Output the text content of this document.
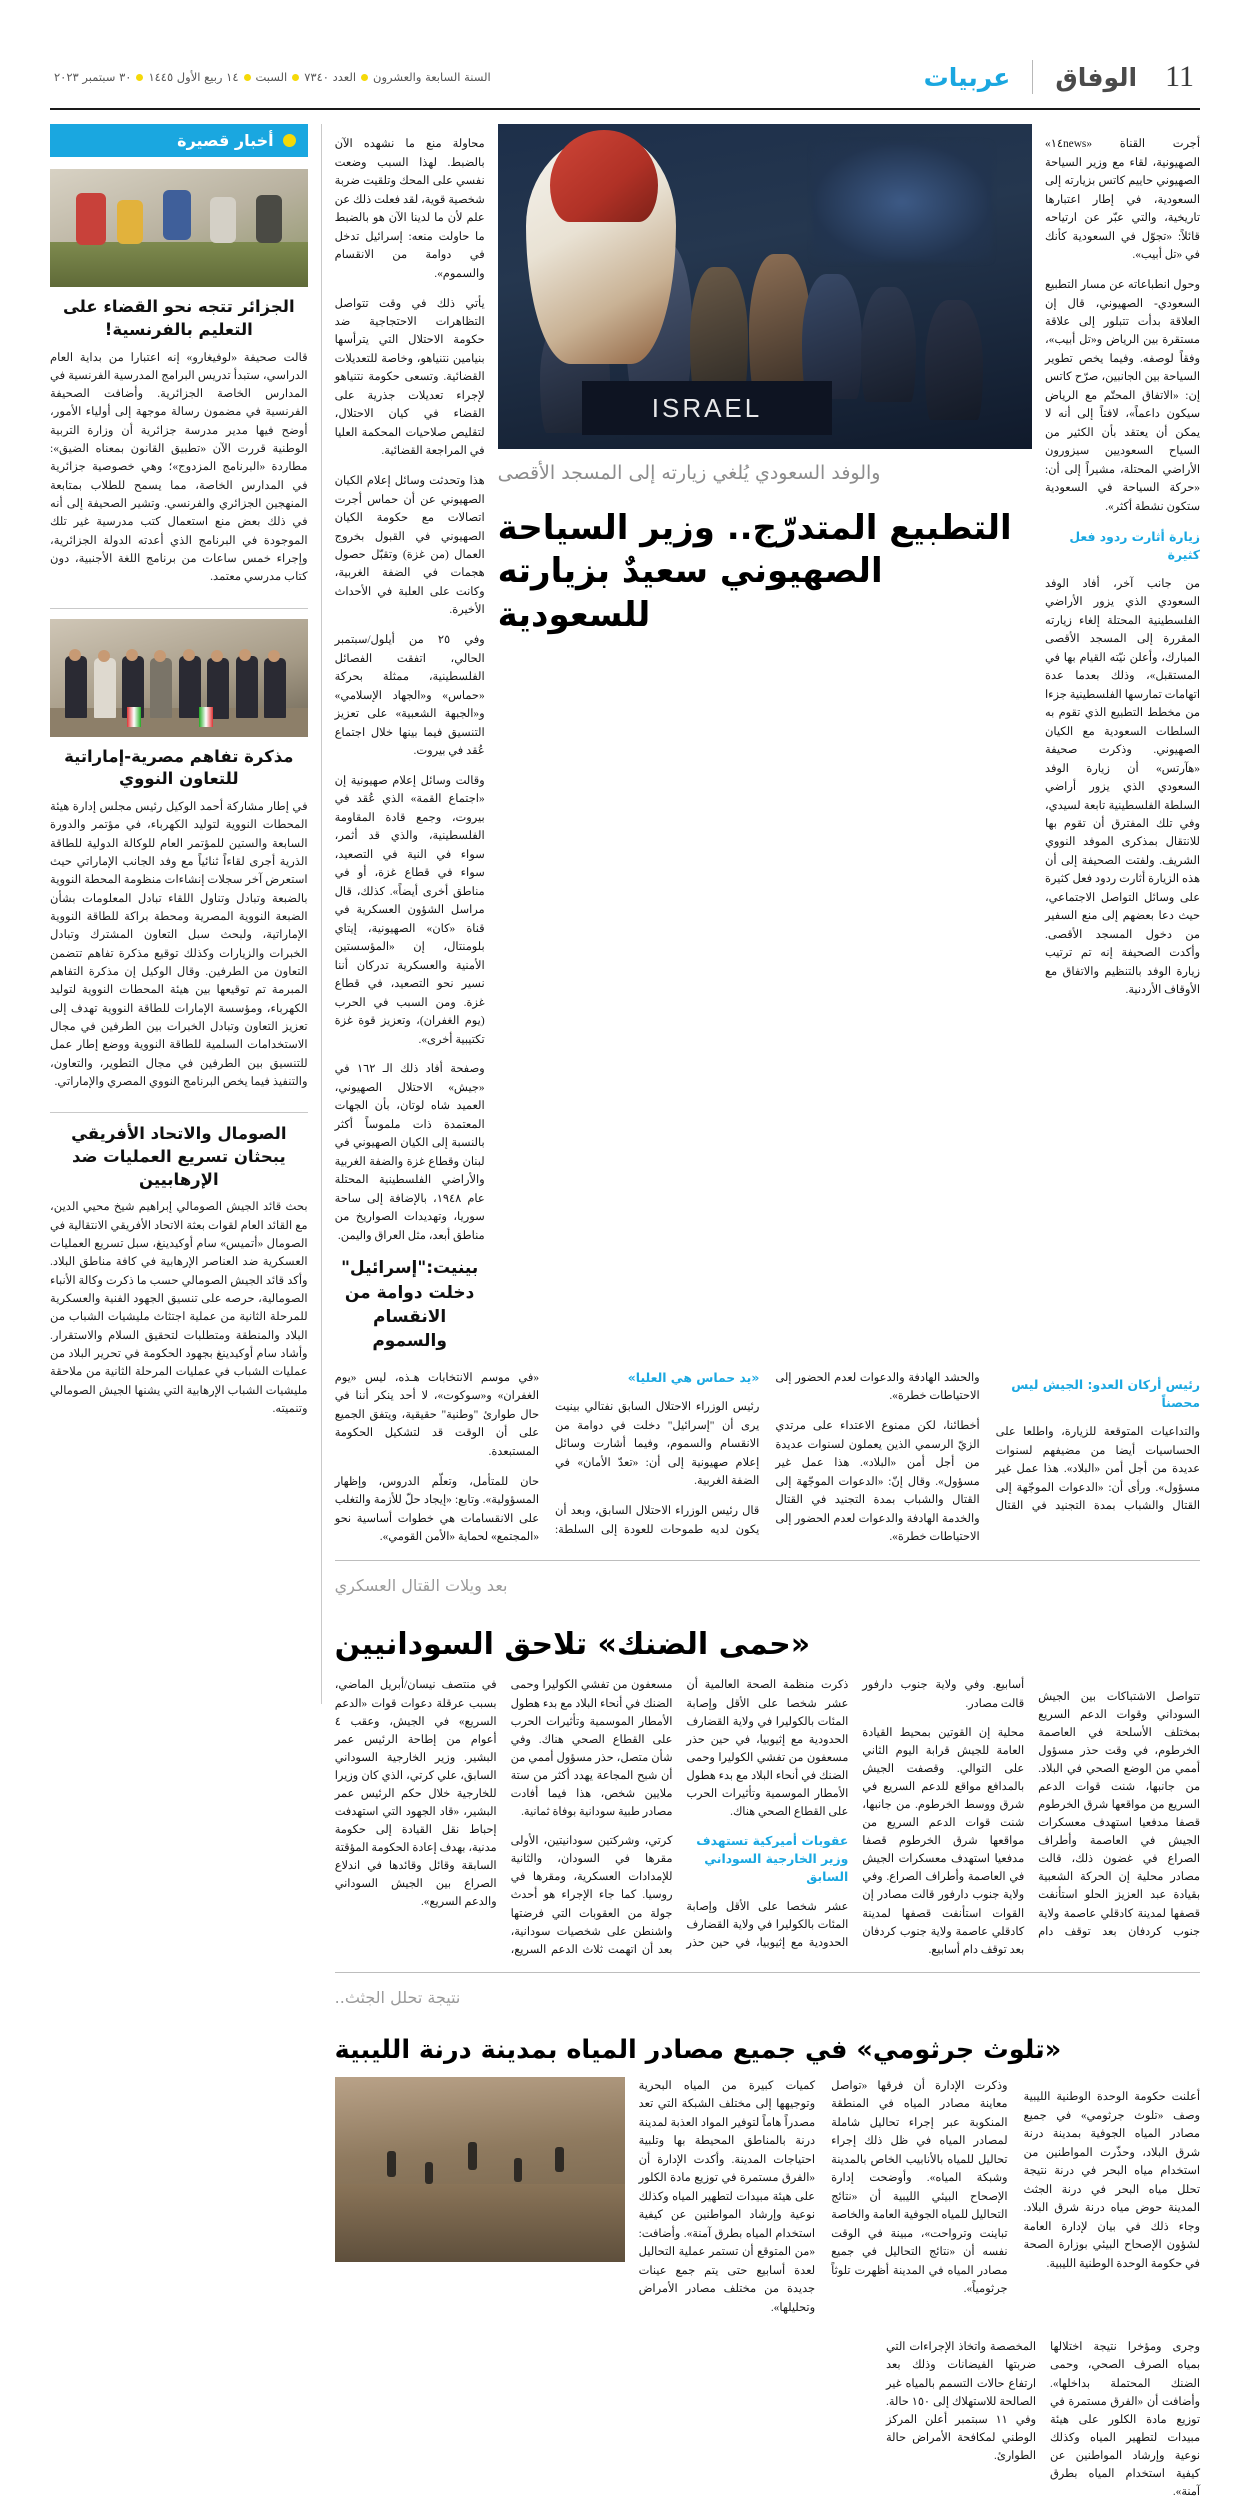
عربيات	الوفاق 11
السنة السابعة والعشرون
العدد ٧٣٤٠
السبت
١٤ ربيع الأول ١٤٤٥
٣٠ سبتمبر ٢٠٢٣

أجرت القناة «١٤news» الصهيونية، لقاء مع وزير السياحة الصهيوني حاييم كاتس بزيارته إلى السعودية، في إطار اعتبارها تاريخية، والتي عبّر عن ارتياحه قائلاً: «تجوّل في السعودية كأنك في «تل أبيب».

وحول انطباعاته عن مسار التطبيع السعودي- الصهيوني، قال إن العلاقة بدأت تتبلور إلى علاقة مستقرة بين الرياض و«تل أبيب»، وفقاً لوصفه. وفيما يخص تطوير السياحة بين الجانبين، صرّح كاتس إن: «الاتفاق المحتّم مع الرياض سيكون داعماً»، لافتاً إلى أنه لا يمكن أن يعتقد بأن الكثير من السياح السعوديين سيزورون الأراضي المحتلة، مشيراً إلى أن: «حركة السياحة في السعودية ستكون نشطة أكثر».

زيارة أثارت ردود فعل كثيرة

من جانب آخر، أفاد الوفد السعودي الذي يزور الأراضي الفلسطينية المحتلة إلغاء زيارته المقررة إلى المسجد الأقصى المبارك، وأعلن نيّته القيام بها في المستقبل»، وذلك بعدما عدة اتهامات تمارسها الفلسطينية جزءا من مخطط التطبيع الذي تقوم به السلطات السعودية مع الكيان الصهيوني. وذكرت صحيفة «هآرتس» أن زيارة الوفد السعودي الذي يزور أراضي السلطة الفلسطينية تابعة لسيدي، وفي تلك المفترق أن تقوم بها للانتقال بمذكرى الموفد النووي الشريف. ولفتت الصحيفة إلى أن هذه الزيارة أثارت ردود فعل كثيرة على وسائل التواصل الاجتماعي، حيث دعا بعضهم إلى منع السفير من دخول المسجد الأقصى. وأكدت الصحيفة إنه تم ترتيب زيارة الوفد بالتنظيم والاتفاق مع الأوقاف الأردنية.

ISRAEL
والوفد السعودي يُلغي زيارته إلى المسجد الأقصى
التطبيع المتدرّج.. وزير السياحة الصهيوني سعيدٌ بزيارته للسعودية

محاولة منع ما نشهده الآن بالضبط. لهذا السبب وضعت نفسي على المحك وتلقيت ضربة شخصية قوية، لقد فعلت ذلك عن علم لأن ما لدينا الآن هو بالضبط ما حاولت منعه: إسرائيل تدخل في دوامة من الانقسام والسموم».

يأتي ذلك في وقت تتواصل التظاهرات الاحتجاجية ضد حكومة الاحتلال التي يترأسها بنيامين نتنياهو، وخاصة للتعديلات القضائية. وتسعى حكومة نتنياهو لإجراء تعديلات جذرية على القضاء في كيان الاحتلال، لتقليص صلاحيات المحكمة العليا في المراجعة القضائية.

هذا وتحدثت وسائل إعلام الكيان الصهيوني عن أن حماس أجرت اتصالات مع حكومة الكيان الصهيوني في القبول بخروج العمال (من غزة) وتقبّل حصول هجمات في الضفة الغربية، وكانت على العلبة في الأحداث الأخيرة.

وفي ٢٥ من أيلول/سبتمبر الحالي، اتفقت الفصائل الفلسطينية، ممثلة بحركة «حماس» و«الجهاد الإسلامي» و«الجبهة الشعبية» على تعزيز التنسيق فيما بينها خلال اجتماع عُقد في بيروت.

وقالت وسائل إعلام صهيونية إن «اجتماع القمة» الذي عُقد في بيروت، وجمع قادة المقاومة الفلسطينية، والذي قد أثمر، سواء في النية في التصعيد، سواء في قطاع غزة، أو في مناطق أخرى أيضاً». كذلك، قال مراسل الشؤون العسكرية في قناة «كان» الصهيونية، إيتاي بلومنتال، إن «المؤسستين الأمنية والعسكرية تدركان أننا نسير نحو التصعيد، في قطاع غزة. ومن السبب في الحرب (يوم الغفران)، وتعزيز قوة غزة تكتيبية أخرى».

وصفحة أفاد ذلك الـ ١٦٢ في «جيش» الاحتلال الصهيوني، العميد شاه لوتان، بأن الجهات المعتمدة ذات ملموساً أكثر بالنسبة إلى الكيان الصهيوني في لبنان وقطاع غزة والضفة الغربية والأراضي الفلسطينية المحتلة عام ١٩٤٨، بالإضافة إلى ساحة سوريا، وتهديدات الصواريخ من مناطق أبعد، مثل العراق واليمن.

بينيت:"إسرائيل" دخلت دوامة من الانقسام والسموم
رئيس أركان العدو: الجيش ليس محصناً

والتداعيات المتوقعة للزيارة، واطلعا على الحساسيات أيضا من مضيفهم لسنوات عديدة من أجل أمن «البلاد». هذا عمل غير مسؤول». ورأى أن: «الدعوات الموجّهة إلى القتال والشباب بمدة التجنيد في القتال والحشد الهادفة والدعوات لعدم الحضور إلى الاحتياطات خطرة».

أخطائنا، لكن ممنوع الاعتداء على مرتدي الزيّ الرسمي الذين يعملون لسنوات عديدة من أجل أمن «البلاد». هذا عمل غير مسؤول». وقال إنّ: «الدعوات الموجّهة إلى القتال والشباب بمدة التجنيد في القتال والخدمة الهادفة والدعوات لعدم الحضور إلى الاحتياطات خطرة».

«يد حماس هي العليا»

رئيس الوزراء الاحتلال السابق نفتالي بينيت يرى أن "إسرائيل" دخلت في دوامة من الانقسام والسموم، وفيما أشارت وسائل إعلام صهيونية إلى أن: «تعدّ الأمان» في الضفة الغربية.

قال رئيس الوزراء الاحتلال السابق، وبعد أن يكون لديه طموحات للعودة إلى السلطة: «في موسم الانتخابات هـذه، ليس «يوم الغفران» و«سوكوت»، لا أحد ينكر أننا في حال طوارئ "وطنية" حقيقية، ويتفق الجميع على أن الوقت قد لتشكيل الحكومة المستبعدة.

حان للمتأمل، وتعلّم الدروس، وإظهار المسؤولية». وتابع: «إيجاد حلّ للأزمة والتغلب على الانقسامات هي خطوات أساسية نحو «المجتمع» لحماية «الأمن القومي».

بعد ويلات القتال العسكري
«حمى الضنك» تلاحق السودانيين

تتواصل الاشتباكات بين الجيش السوداني وقوات الدعم السريع بمختلف الأسلحة في العاصمة الخرطوم، في وقت حذر مسؤول أممي من الوضع الصحي في البلاد. من جانبها، شنت قوات الدعم السريع من مواقعها شرق الخرطوم قصفا مدفعيا استهدف معسكرات الجيش في العاصمة وأطراف الصراع في غضون ذلك، قالت مصادر محلية إن الحركة الشعبية بقيادة عبد العزيز الحلو استأنفت قصفها لمدينة كادقلي عاصمة ولاية جنوب كردفان بعد توقف دام أسابيع. وفي ولاية جنوب دارفور قالت مصادر.

محلية إن القوتين بمحيط القيادة العامة للجيش قرابة اليوم الثاني على التوالي. وقصفت الجيش بالمدافع مواقع للدعم السريع في شرق ووسط الخرطوم. من جانبها، شنت قوات الدعم السريع من مواقعها شرق الخرطوم قصفا مدفعيا استهدف معسكرات الجيش في العاصمة وأطراف الصراع. وفي ولاية جنوب دارفور قالت مصادر إن القوات استأنفت قصفها لمدينة كادقلي عاصمة ولاية جنوب كردفان بعد توقف دام أسابيع.

ذكرت منظمة الصحة العالمية أن عشر شخصا على الأقل وإصابة المئات بالكوليرا في ولاية القضارف الحدودية مع إثيوبيا، في حين حذر مسعفون من تفشي الكوليرا وحمى الضنك في أنحاء البلاد مع بدء هطول الأمطار الموسمية وتأثيرات الحرب على القطاع الصحي هناك.

عقوبات أميركية تستهدف وزير الخارجية السوداني السابق

عشر شخصا على الأقل وإصابة المئات بالكوليرا في ولاية القضارف الحدودية مع إثيوبيا، في حين حذر مسعفون من تفشي الكوليرا وحمى الضنك في أنحاء البلاد مع بدء هطول الأمطار الموسمية وتأثيرات الحرب على القطاع الصحي هناك. وفي شأن متصل، حذر مسؤول أممي من أن شبح المجاعة يهدد أكثر من ستة ملايين شخص، هذا فيما أفادت مصادر طبية سودانية بوفاة ثمانية.

كرتي، وشركتين سودانيتين، الأولى مقرها في السودان، والثانية للإمدادات العسكرية، ومقرها في روسيا. كما جاء الإجراء هو أحدث جولة من العقوبات التي فرضتها واشنطن على شخصيات سودانية، بعد أن اتهمت ثلاث الدعم السريع، في منتصف نيسان/أبريل الماضي، بسبب عرقلة دعوات قوات «الدعم السريع» في الجيش، وعقب ٤ أعوام من إطاحة الرئيس عمر البشير. وزير الخارجية السوداني السابق، علي كرتي، الذي كان وزيرا للخارجية خلال حكم الرئيس عمر البشير، «قاد الجهود التي استهدفت إحباط نقل القيادة إلى حكومة مدنية، بهدف إعادة الحكومة المؤقتة السابقة وقائل وقائدها في اندلاع الصراع بين الجيش السوداني والدعم السريع».

نتيجة تحلل الجثث..
«تلوث جرثومي» في جميع مصادر المياه بمدينة درنة الليبية

أعلنت حكومة الوحدة الوطنية الليبية وصف «تلوث جرثومي» في جميع مصادر المياه الجوفية بمدينة درنة شرق البلاد، وحذّرت المواطنين من استخدام مياه البحر في درنة نتيجة تحلل مياه البحر في درنة الجثث المدينة حوض مياه درنة شرق البلاد. وجاء ذلك في بيان لإدارة العامة لشؤون الإصحاح البيئي بوزارة الصحة في حكومة الوحدة الوطنية الليبية.

وذكرت الإدارة أن فرقها «تواصل معاينة مصادر المياه في المنطقة المنكوبة عبر إجراء تحاليل شاملة لمصادر المياه في ظل ذلك إجراء تحاليل للمياه بالأنابيب الخاص بالمدينة وشبكة المياه». وأوضحت إدارة الإصحاح البيئي الليبية أن «نتائج التحاليل للمياه الجوفية العامة والخاصة تباينت وترواحت»، مبينة في الوقت نفسه أن «نتائج التحاليل في جميع مصادر المياه في المدينة أظهرت تلوثاً جرثومياً».

كميات كبيرة من المياه البحرية وتوجيهها إلى مختلف الشبكة التي تعد مصدراً هاماً لتوفير المواد العذبة لمدينة درنة بالمناطق المحيطة بها وتلبية احتياجات المدينة. وأكدت الإدارة أن «الفرق مستمرة في توزيع مادة الكلور على هيئة مبيدات لتطهير المياه وكذلك نوعية وإرشاد المواطنين عن كيفية استخدام المياه بطرق آمنة». وأضافت: «من المتوقع أن تستمر عملية التحاليل لعدة أسابيع حتى يتم جمع عينات جديدة من مختلف مصادر الأمراض وتحليلها».

وجرى ومؤخرا نتيجة اختلالها بمياه الصرف الصحي، وحمى الضنك المحتملة بداخلها». وأضافت أن «الفرق مستمرة في توزيع مادة الكلور على هيئة مبيدات لتطهير المياه وكذلك نوعية وإرشاد المواطنين عن كيفية استخدام المياه بطرق آمنة».

المخصصة واتخاذ الإجراءات التي ضربتها الفيضانات وذلك بعد ارتفاع حالات التسمم بالمياه غير الصالحة للاستهلاك إلى ١٥٠ حالة. وفي ١١ سبتمبر أعلن المركز الوطني لمكافحة الأمراض حالة الطوارئ.

أخبار قصيرة
الجزائر تتجه نحو القضاء على التعليم بالفرنسية!
قالت صحيفة «لوفيغارو» إنه اعتبارا من بداية العام الدراسي، ستبدأ تدريس البرامج المدرسية الفرنسية في المدارس الخاصة الجزائرية. وأضافت الصحيفة الفرنسية في مضمون رسالة موجهة إلى أولياء الأمور، أوضح فيها مدير مدرسة جزائرية أن وزارة التربية الوطنية قررت الآن «تطبيق القانون بمعناه الضيق»: مطاردة «البرنامج المزدوج»؛ وهي خصوصية جزائرية في المدارس الخاصة، مما يسمح للطلاب بمتابعة المنهجين الجزائري والفرنسي. وتشير الصحيفة إلى أنه في ذلك بعض منع استعمال كتب مدرسية غير تلك الموجودة في البرنامج الذي أعدته الدولة الجزائرية، وإجراء خمس ساعات من برنامج اللغة الأجنبية، دون كتاب مدرسي معتمد.
مذكرة تفاهم مصرية-إماراتية للتعاون النووي
في إطار مشاركة أحمد الوكيل رئيس مجلس إدارة هيئة المحطات النووية لتوليد الكهرباء، في مؤتمر والدورة السابعة والستين للمؤتمر العام للوكالة الدولية للطاقة الذرية أجرى لقاءاً ثنائياً مع وفد الجانب الإماراتي حيث استعرض آخر سجلات إنشاءات منظومة المحطة النووية بالضبعة وتبادل وتناول اللقاء تبادل المعلومات بشأن الضبعة النووية المصرية ومحطة براكة للطاقة النووية الإماراتية، ولبحث سبل التعاون المشترك وتبادل الخبرات والزيارات وكذلك توقيع مذكرة تفاهم تتضمن التعاون من الطرفين. وقال الوكيل إن مذكرة التفاهم المبرمة تم توقيعها بين هيئة المحطات النووية لتوليد الكهرباء، ومؤسسة الإمارات للطاقة النووية تهدف إلى تعزيز التعاون وتبادل الخبرات بين الطرفين في مجال الاستخدامات السلمية للطاقة النووية ووضع إطار عمل للتنسيق بين الطرفين في مجال التطوير، والتعاون، والتنفيذ فيما يخص البرنامج النووي المصري والإماراتي.
الصومال والاتحاد الأفريقي يبحثان تسريع العمليات ضد الإرهابيين
بحث قائد الجيش الصومالي إبراهيم شيخ محيي الدين، مع القائد العام لقوات بعثة الاتحاد الأفريقي الانتقالية في الصومال «أتميس» سام أوكيدينغ، سبل تسريع العمليات العسكرية ضد العناصر الإرهابية في كافة مناطق البلاد. وأكد قائد الجيش الصومالي حسب ما ذكرت وكالة الأنباء الصومالية، حرصه على تنسيق الجهود الفنية والعسكرية للمرحلة الثانية من عملية اجتثاث مليشيات الشباب من البلاد والمنطقة ومتطلبات لتحقيق السلام والاستقرار. وأشاد سام أوكيدينغ بجهود الحكومة في تحرير البلاد من عمليات الشباب في عمليات المرحلة الثانية من ملاحقة مليشيات الشباب الإرهابية التي يشنها الجيش الصومالي وتنميته.
